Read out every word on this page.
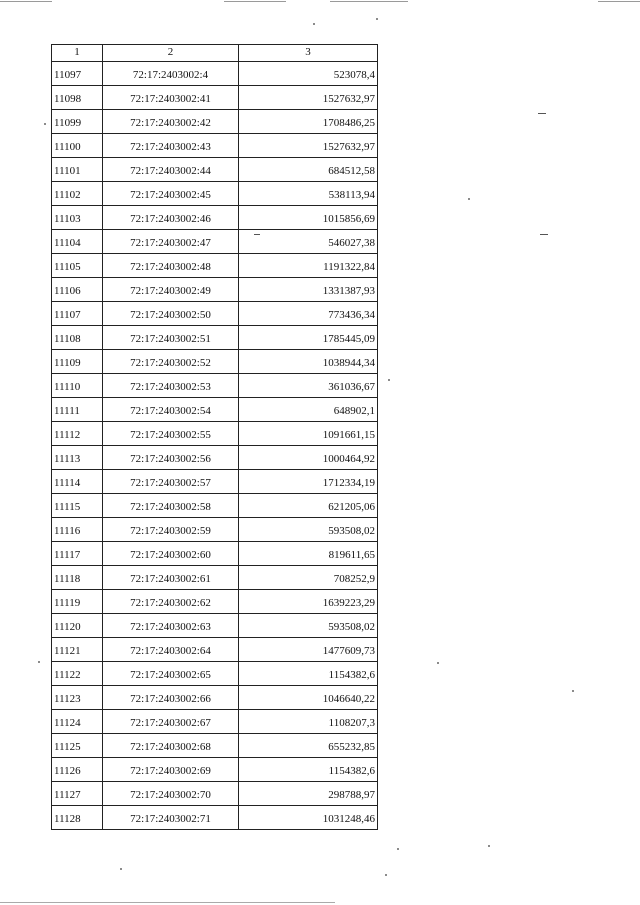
1	2	3
11097	72:17:2403002:4	523078,4
11098	72:17:2403002:41	1527632,97
11099	72:17:2403002:42	1708486,25
11100	72:17:2403002:43	1527632,97
11101	72:17:2403002:44	684512,58
11102	72:17:2403002:45	538113,94
11103	72:17:2403002:46	1015856,69
11104	72:17:2403002:47	546027,38
11105	72:17:2403002:48	1191322,84
11106	72:17:2403002:49	1331387,93
11107	72:17:2403002:50	773436,34
11108	72:17:2403002:51	1785445,09
11109	72:17:2403002:52	1038944,34
11110	72:17:2403002:53	361036,67
11111	72:17:2403002:54	648902,1
11112	72:17:2403002:55	1091661,15
11113	72:17:2403002:56	1000464,92
11114	72:17:2403002:57	1712334,19
11115	72:17:2403002:58	621205,06
11116	72:17:2403002:59	593508,02
11117	72:17:2403002:60	819611,65
11118	72:17:2403002:61	708252,9
11119	72:17:2403002:62	1639223,29
11120	72:17:2403002:63	593508,02
11121	72:17:2403002:64	1477609,73
11122	72:17:2403002:65	1154382,6
11123	72:17:2403002:66	1046640,22
11124	72:17:2403002:67	1108207,3
11125	72:17:2403002:68	655232,85
11126	72:17:2403002:69	1154382,6
11127	72:17:2403002:70	298788,97
11128	72:17:2403002:71	1031248,46
